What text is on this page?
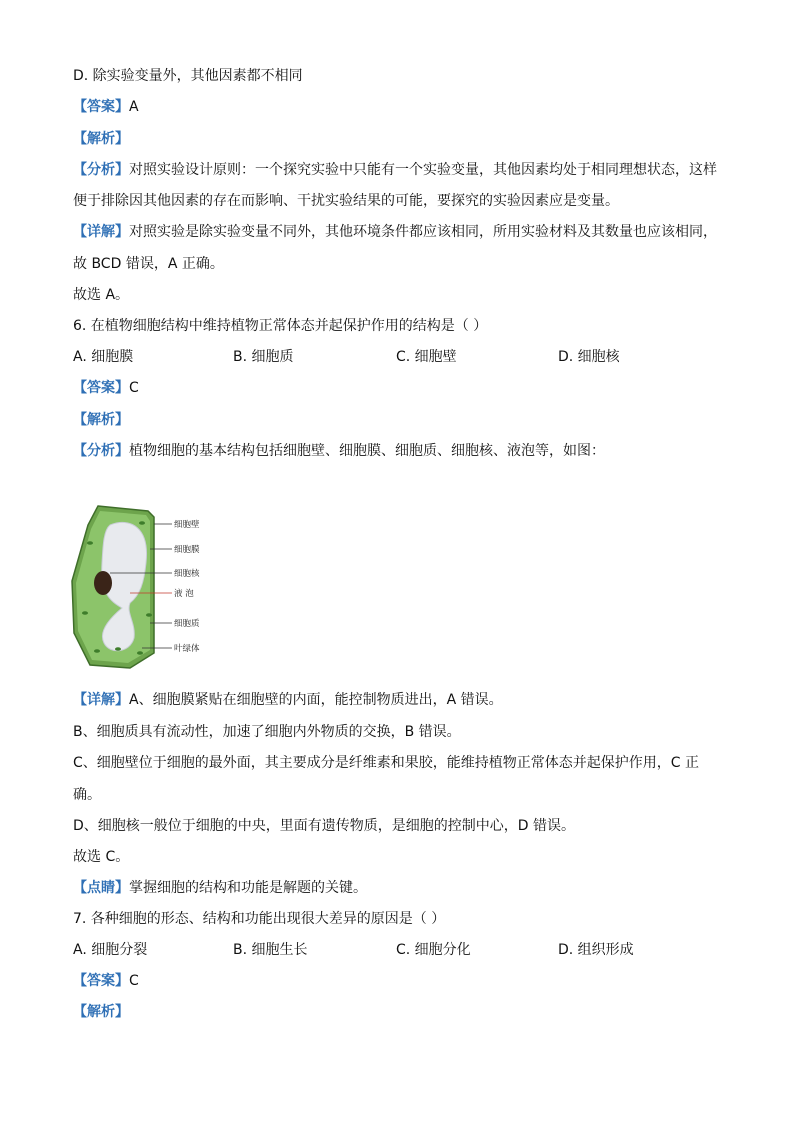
D. 除实验变量外，其他因素都不相同
【答案】A
【解析】
【分析】对照实验设计原则：一个探究实验中只能有一个实验变量，其他因素均处于相同理想状态，这样
便于排除因其他因素的存在而影响、干扰实验结果的可能，要探究的实验因素应是变量。
【详解】对照实验是除实验变量不同外，其他环境条件都应该相同，所用实验材料及其数量也应该相同，
故 BCD 错误，A 正确。
故选 A。
6. 在植物细胞结构中维持植物正常体态并起保护作用的结构是（ ）
A. 细胞膜	B. 细胞质	C. 细胞壁	D. 细胞核
【答案】C
【解析】
【分析】植物细胞的基本结构包括细胞壁、细胞膜、细胞质、细胞核、液泡等，如图：
细胞壁
细胞膜
细胞核
液 泡
细胞质
叶绿体
【详解】A、细胞膜紧贴在细胞壁的内面，能控制物质进出，A 错误。
B、细胞质具有流动性，加速了细胞内外物质的交换，B 错误。
C、细胞壁位于细胞的最外面，其主要成分是纤维素和果胶，能维持植物正常体态并起保护作用，C 正
确。
D、细胞核一般位于细胞的中央，里面有遗传物质，是细胞的控制中心，D 错误。
故选 C。
【点睛】掌握细胞的结构和功能是解题的关键。
7. 各种细胞的形态、结构和功能出现很大差异的原因是（ ）
A. 细胞分裂	B. 细胞生长	C. 细胞分化	D. 组织形成
【答案】C
【解析】
